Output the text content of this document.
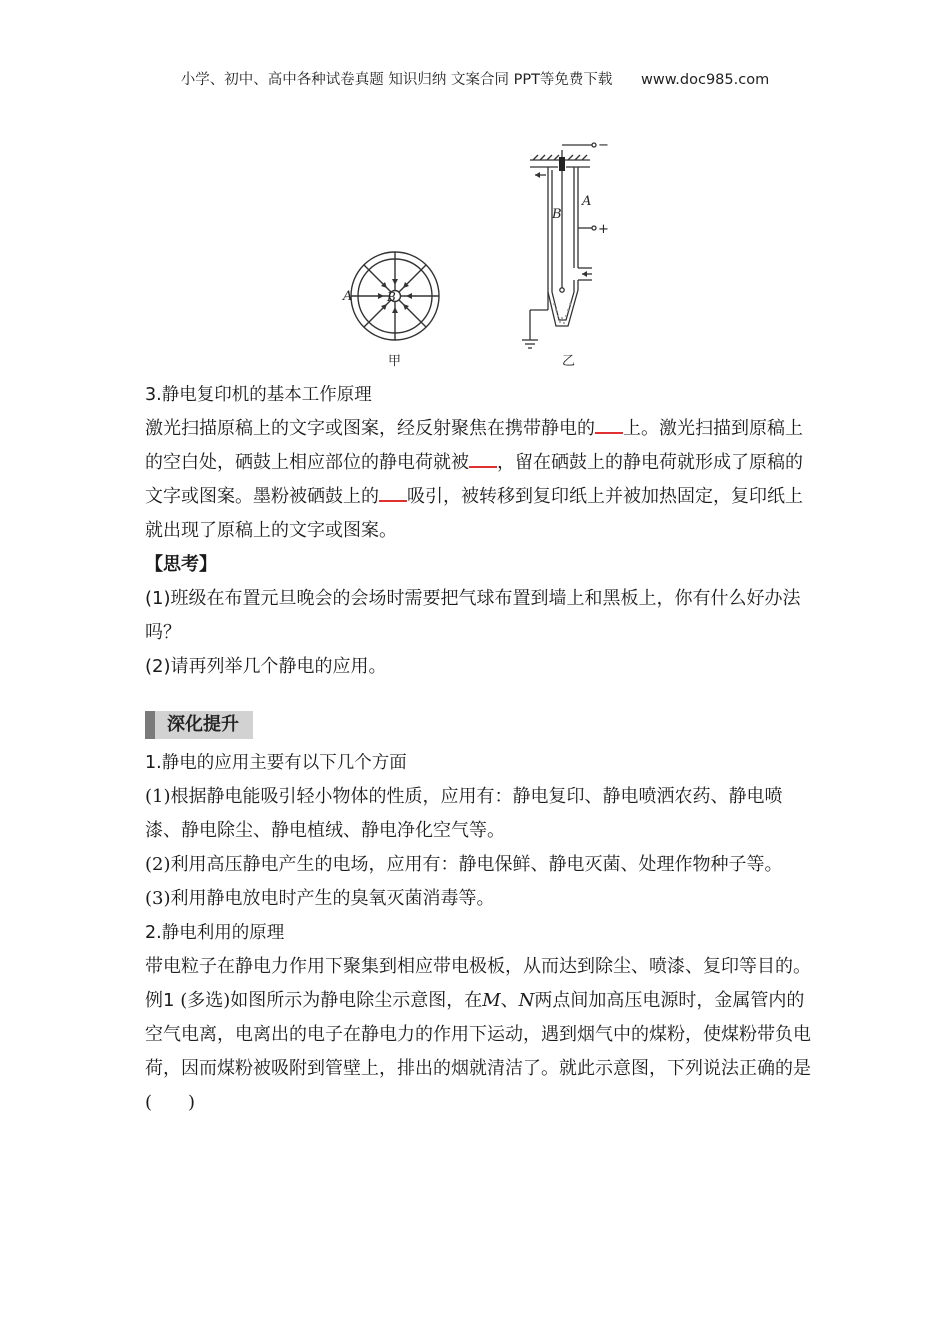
小学、初中、高中各种试卷真题 知识归纳 文案合同 PPT等免费下载 www.doc985.com
A	B
甲
−
+
A
B
乙

3.静电复印机的基本工作原理

激光扫描原稿上的文字或图案，经反射聚焦在携带静电的 上。激光扫描到原稿上的空白处，硒鼓上相应部位的静电荷就被 ，留在硒鼓上的静电荷就形成了原稿的文字或图案。墨粉被硒鼓上的 吸引，被转移到复印纸上并被加热固定，复印纸上就出现了原稿上的文字或图案。

【思考】

(1)班级在布置元旦晚会的会场时需要把气球布置到墙上和黑板上，你有什么好办法吗？

(2)请再列举几个静电的应用。

深化提升

1.静电的应用主要有以下几个方面

(1)根据静电能吸引轻小物体的性质，应用有：静电复印、静电喷洒农药、静电喷漆、静电除尘、静电植绒、静电净化空气等。

(2)利用高压静电产生的电场，应用有：静电保鲜、静电灭菌、处理作物种子等。

(3)利用静电放电时产生的臭氧灭菌消毒等。

2.静电利用的原理

带电粒子在静电力作用下聚集到相应带电极板，从而达到除尘、喷漆、复印等目的。

例1 (多选)如图所示为静电除尘示意图，在M、N两点间加高压电源时，金属管内的空气电离，电离出的电子在静电力的作用下运动，遇到烟气中的煤粉，使煤粉带负电荷，因而煤粉被吸附到管壁上，排出的烟就清洁了。就此示意图，下列说法正确的是(　　)
